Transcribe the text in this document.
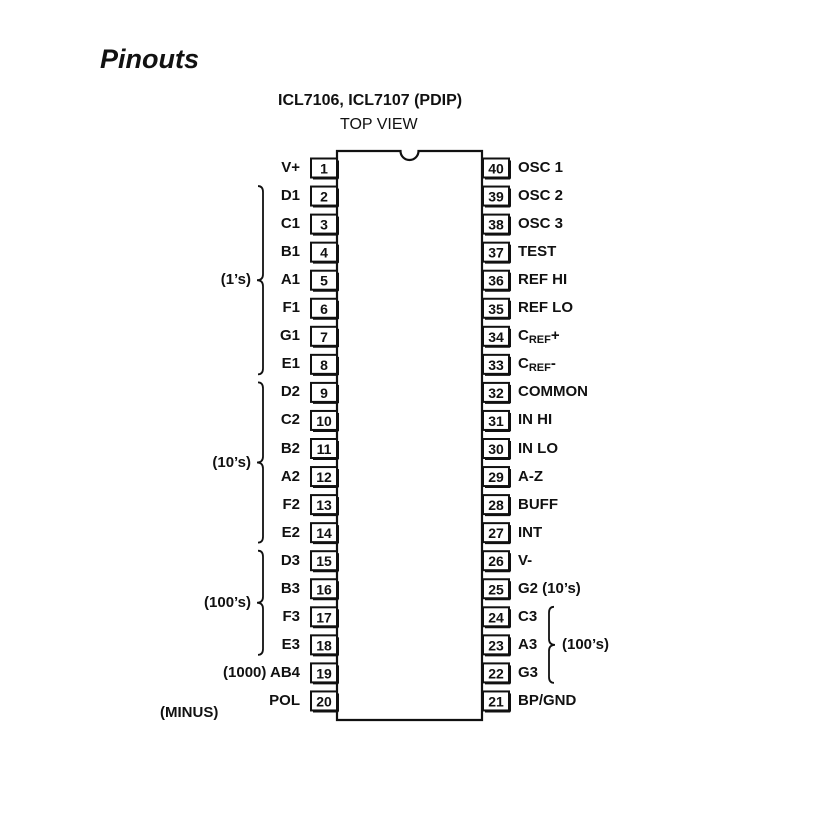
Pinouts
ICL7106, ICL7107 (PDIP)
TOP VIEW
1
2
3
4
5
6
7
8
9
10
11
12
13
14
15
16
17
18
19
20
40
39
38
37
36
35
34
33
32
31
30
29
28
27
26
25
24
23
22
21
V+
D1
C1
B1
A1
F1
G1
E1
D2
C2
B2
A2
F2
E2
D3
B3
F3
E3
(1000) AB4
POL
OSC 1
OSC 2
OSC 3
TEST
REF HI
REF LO
$C_{REF}+$
$C_{REF}-$
COMMON
IN HI
IN LO
A-Z
BUFF
INT
V-
G2 (10’s)
C3
A3
G3
BP/GND
(1’s)
(10’s)
(100’s)
(100’s)
(MINUS)
